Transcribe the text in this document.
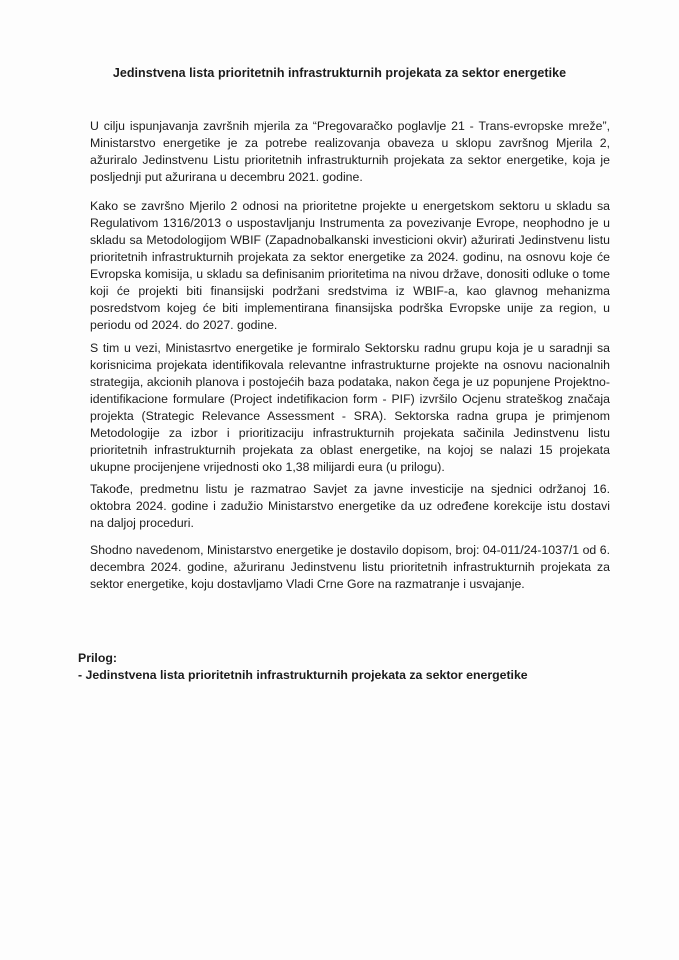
Jedinstvena lista prioritetnih infrastrukturnih projekata za sektor energetike
U cilju ispunjavanja završnih mjerila za “Pregovaračko poglavlje 21 - Trans-evropske mreže”, Ministarstvo energetike je za potrebe realizovanja obaveza u sklopu završnog Mjerila 2, ažuriralo Jedinstvenu Listu prioritetnih infrastrukturnih projekata za sektor energetike, koja je posljednji put ažurirana u decembru 2021. godine.
Kako se završno Mjerilo 2 odnosi na prioritetne projekte u energetskom sektoru u skladu sa Regulativom 1316/2013 o uspostavljanju Instrumenta za povezivanje Evrope, neophodno je u skladu sa Metodologijom WBIF (Zapadnobalkanski investicioni okvir) ažurirati Jedinstvenu listu prioritetnih infrastrukturnih projekata za sektor energetike za 2024. godinu, na osnovu koje će Evropska komisija, u skladu sa definisanim prioritetima na nivou države, donositi odluke o tome koji će projekti biti finansijski podržani sredstvima iz WBIF-a, kao glavnog mehanizma posredstvom kojeg će biti implementirana finansijska podrška Evropske unije za region, u periodu od 2024. do 2027. godine.
S tim u vezi, Ministasrtvo energetike je formiralo Sektorsku radnu grupu koja je u saradnji sa korisnicima projekata identifikovala relevantne infrastrukturne projekte na osnovu nacionalnih strategija, akcionih planova i postojećih baza podataka, nakon čega je uz popunjene Projektno-identifikacione formulare (Project indetifikacion form - PIF) izvršilo Ocjenu strateškog značaja projekta (Strategic Relevance Assessment - SRA). Sektorska radna grupa je primjenom Metodologije za izbor i prioritizaciju infrastrukturnih projekata sačinila Jedinstvenu listu prioritetnih infrastrukturnih projekata za oblast energetike, na kojoj se nalazi 15 projekata ukupne procijenjene vrijednosti oko 1,38 milijardi eura (u prilogu).
Takođe, predmetnu listu je razmatrao Savjet za javne investicije na sjednici održanoj 16. oktobra 2024. godine i zadužio Ministarstvo energetike da uz određene korekcije istu dostavi na daljoj proceduri.
Shodno navedenom, Ministarstvo energetike je dostavilo dopisom, broj: 04-011/24-1037/1 od 6. decembra 2024. godine, ažuriranu Jedinstvenu listu prioritetnih infrastrukturnih projekata za sektor energetike, koju dostavljamo Vladi Crne Gore na razmatranje i usvajanje.
Prilog:
- Jedinstvena lista prioritetnih infrastrukturnih projekata za sektor energetike
